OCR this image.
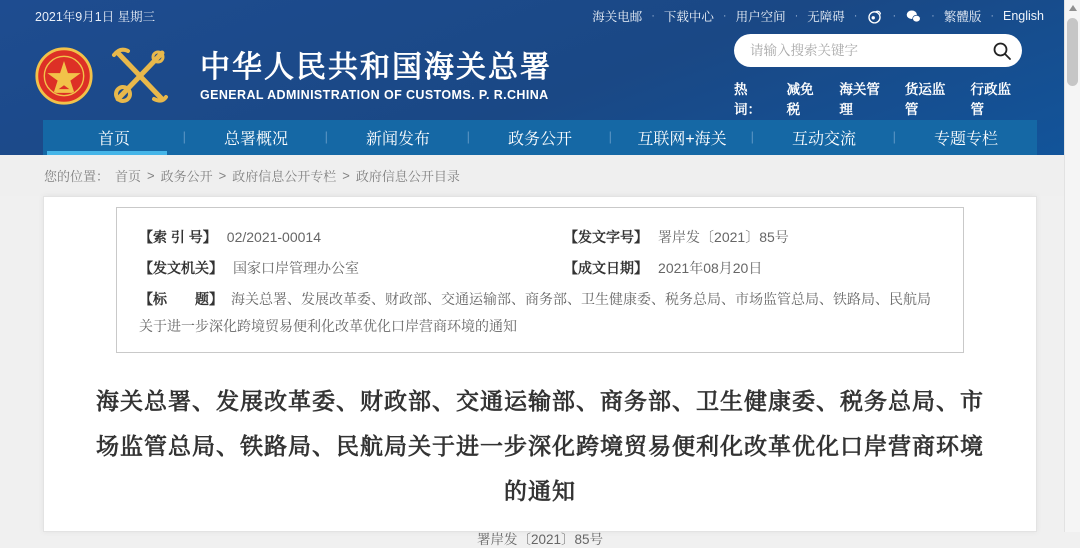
2021年9月1日 星期三	海关电邮 · 下载中心 · 用户空间 · 无障碍 ·	·	· 繁體版 · English
中华人民共和国海关总署
GENERAL ADMINISTRATION OF CUSTOMS. P. R.CHINA
请输入搜索关键字	热词：
减免税
海关管理
货运监管
行政监管
首页	| 总署概况	| 新闻发布	| 政务公开	| 互联网+海关 | 互动交流	| 专题专栏
您的位置： 首页 > 政务公开 > 政府信息公开专栏 > 政府信息公开目录
【索 引 号】 02/2021-00014	【发文字号】 署岸发〔2021〕85号
【发文机关】 国家口岸管理办公室	【成文日期】 2021年08月20日
【标　　题】 海关总署、发展改革委、财政部、交通运输部、商务部、卫生健康委、税务总局、市场监管总局、铁路局、民航局关于进一步深化跨境贸易便利化改革优化口岸营商环境的通知
海关总署、发展改革委、财政部、交通运输部、商务部、卫生健康委、税务总局、市场监管总局、铁路局、民航局关于进一步深化跨境贸易便利化改革优化口岸营商环境的通知
署岸发〔2021〕85号
